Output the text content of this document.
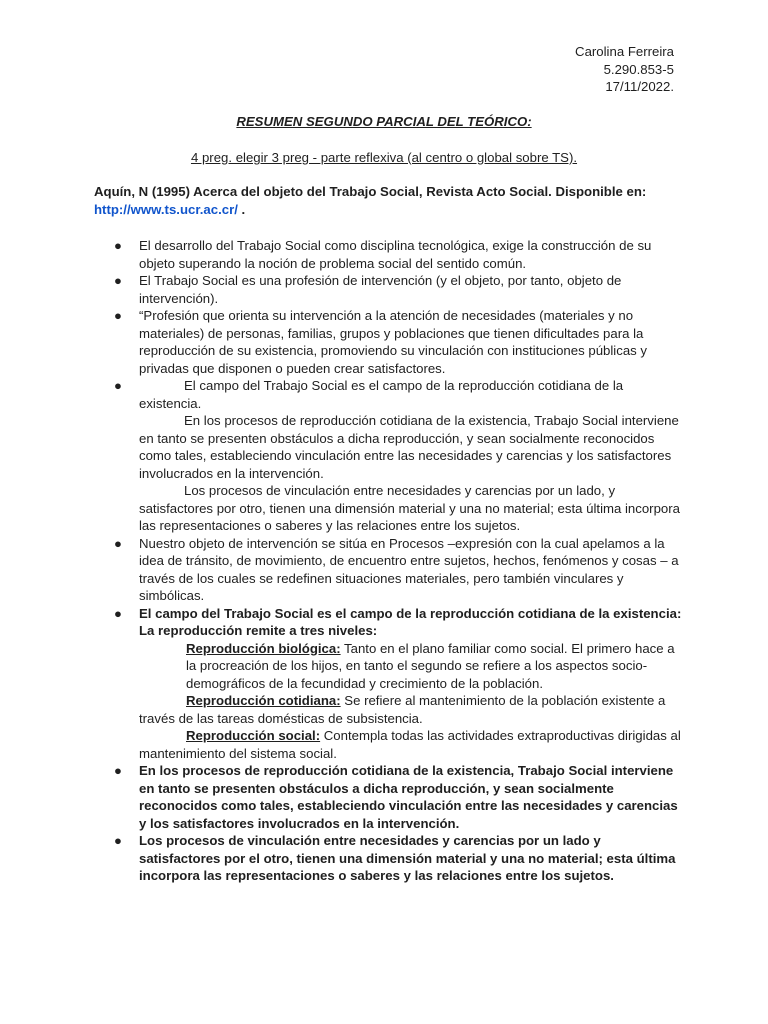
Carolina Ferreira
5.290.853-5
17/11/2022.
RESUMEN SEGUNDO PARCIAL DEL TEÓRICO:
4 preg. elegir 3 preg - parte reflexiva (al centro o global sobre TS).
Aquín, N (1995) Acerca del objeto del Trabajo Social, Revista Acto Social. Disponible en: http://www.ts.ucr.ac.cr/ .
● El desarrollo del Trabajo Social como disciplina tecnológica, exige la construcción de su objeto superando la noción de problema social del sentido común.
● El Trabajo Social es una profesión de intervención (y el objeto, por tanto, objeto de intervención).
● “Profesión que orienta su intervención a la atención de necesidades (materiales y no materiales) de personas, familias, grupos y poblaciones que tienen dificultades para la reproducción de su existencia, promoviendo su vinculación con instituciones públicas y privadas que disponen o pueden crear satisfactores.
●	El campo del Trabajo Social es el campo de la reproducción cotidiana de la existencia.
En los procesos de reproducción cotidiana de la existencia, Trabajo Social interviene en tanto se presenten obstáculos a dicha reproducción, y sean socialmente reconocidos como tales, estableciendo vinculación entre las necesidades y carencias y los satisfactores involucrados en la intervención.
Los procesos de vinculación entre necesidades y carencias por un lado, y satisfactores por otro, tienen una dimensión material y una no material; esta última incorpora las representaciones o saberes y las relaciones entre los sujetos.
● Nuestro objeto de intervención se sitúa en Procesos –expresión con la cual apelamos a la idea de tránsito, de movimiento, de encuentro entre sujetos, hechos, fenómenos y cosas – a través de los cuales se redefinen situaciones materiales, pero también vinculares y simbólicas.
● El campo del Trabajo Social es el campo de la reproducción cotidiana de la existencia: La reproducción remite a tres niveles:
Reproducción biológica: Tanto en el plano familiar como social. El primero hace a la procreación de los hijos, en tanto el segundo se refiere a los aspectos socio-demográficos de la fecundidad y crecimiento de la población.
Reproducción cotidiana: Se refiere al mantenimiento de la población existente a través de las tareas domésticas de subsistencia.
Reproducción social: Contempla todas las actividades extraproductivas dirigidas al mantenimiento del sistema social.
● En los procesos de reproducción cotidiana de la existencia, Trabajo Social interviene en tanto se presenten obstáculos a dicha reproducción, y sean socialmente reconocidos como tales, estableciendo vinculación entre las necesidades y carencias y los satisfactores involucrados en la intervención.
● Los procesos de vinculación entre necesidades y carencias por un lado y satisfactores por el otro, tienen una dimensión material y una no material; esta última incorpora las representaciones o saberes y las relaciones entre los sujetos.
